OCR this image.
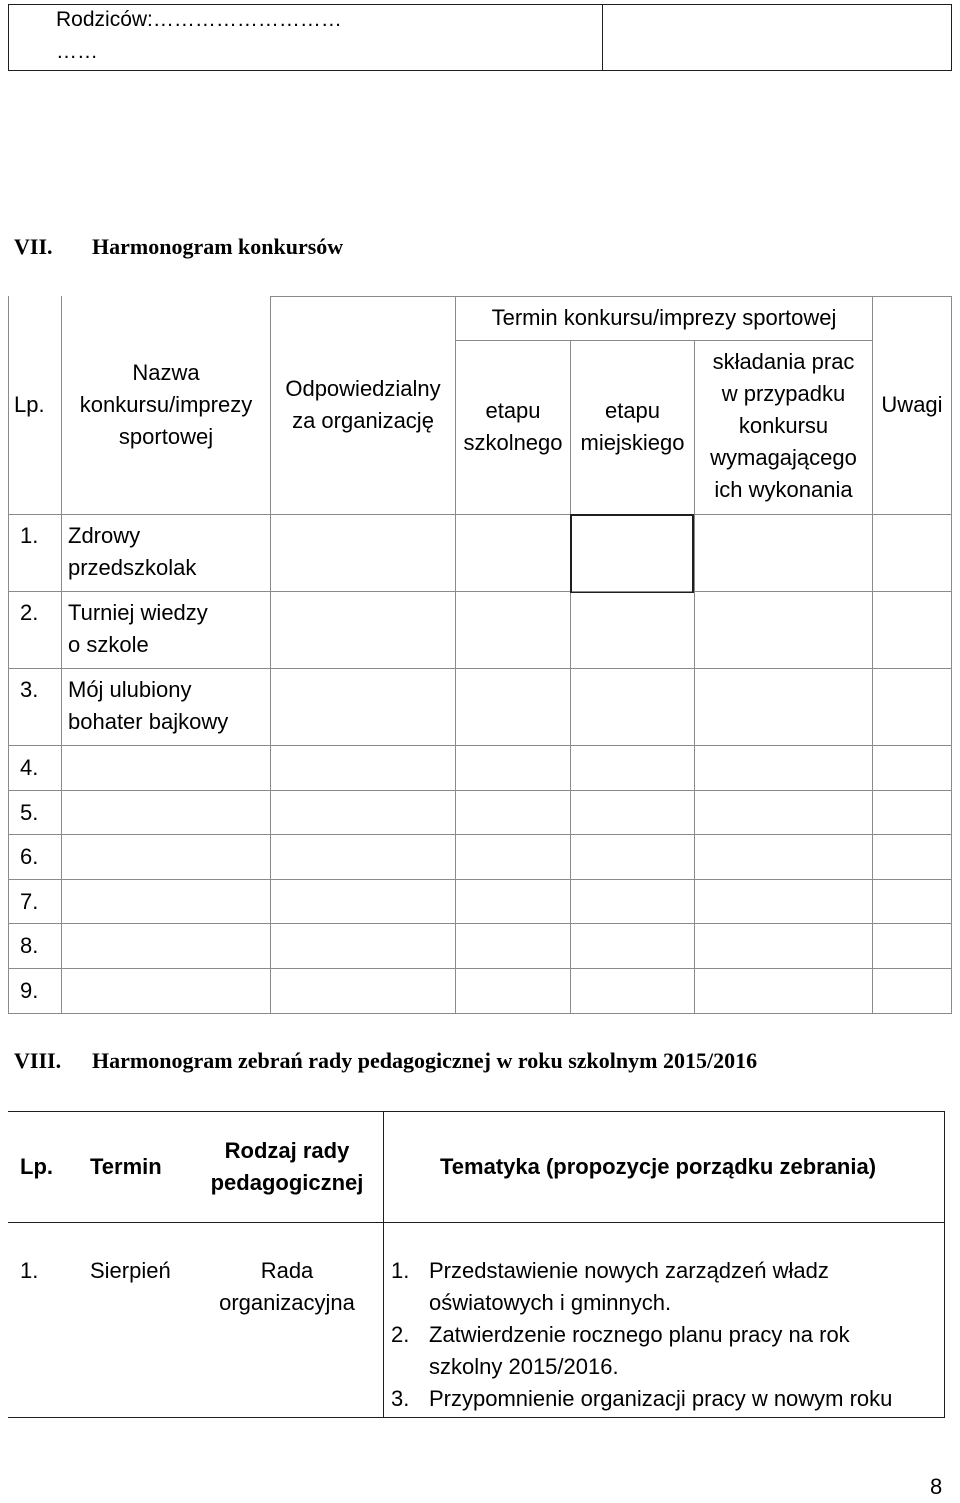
Rodziców:………………………
……
VII. Harmonogram konkursów
Lp.
Nazwa
konkursu/imprezy
sportowej
Odpowiedzialny
za organizację
Termin konkursu/imprezy sportowej
etapu
szkolnego
etapu
miejskiego
składania prac
w przypadku
konkursu
wymagającego
ich wykonania
Uwagi
1. Zdrowy
przedszkolak
2. Turniej wiedzy
o szkole
3. Mój ulubiony
bohater bajkowy
4.
5.
6.
7.
8.
9.
VIII. Harmonogram zebrań rady pedagogicznej w roku szkolnym 2015/2016
Lp. Termin
Rodzaj rady
pedagogicznej
Tematyka (propozycje porządku zebrania)
1. Sierpień	Rada
organizacyjna
1. Przedstawienie nowych zarządzeń władz
oświatowych i gminnych.
2. Zatwierdzenie rocznego planu pracy na rok
szkolny 2015/2016.
3. Przypomnienie organizacji pracy w nowym roku
8
